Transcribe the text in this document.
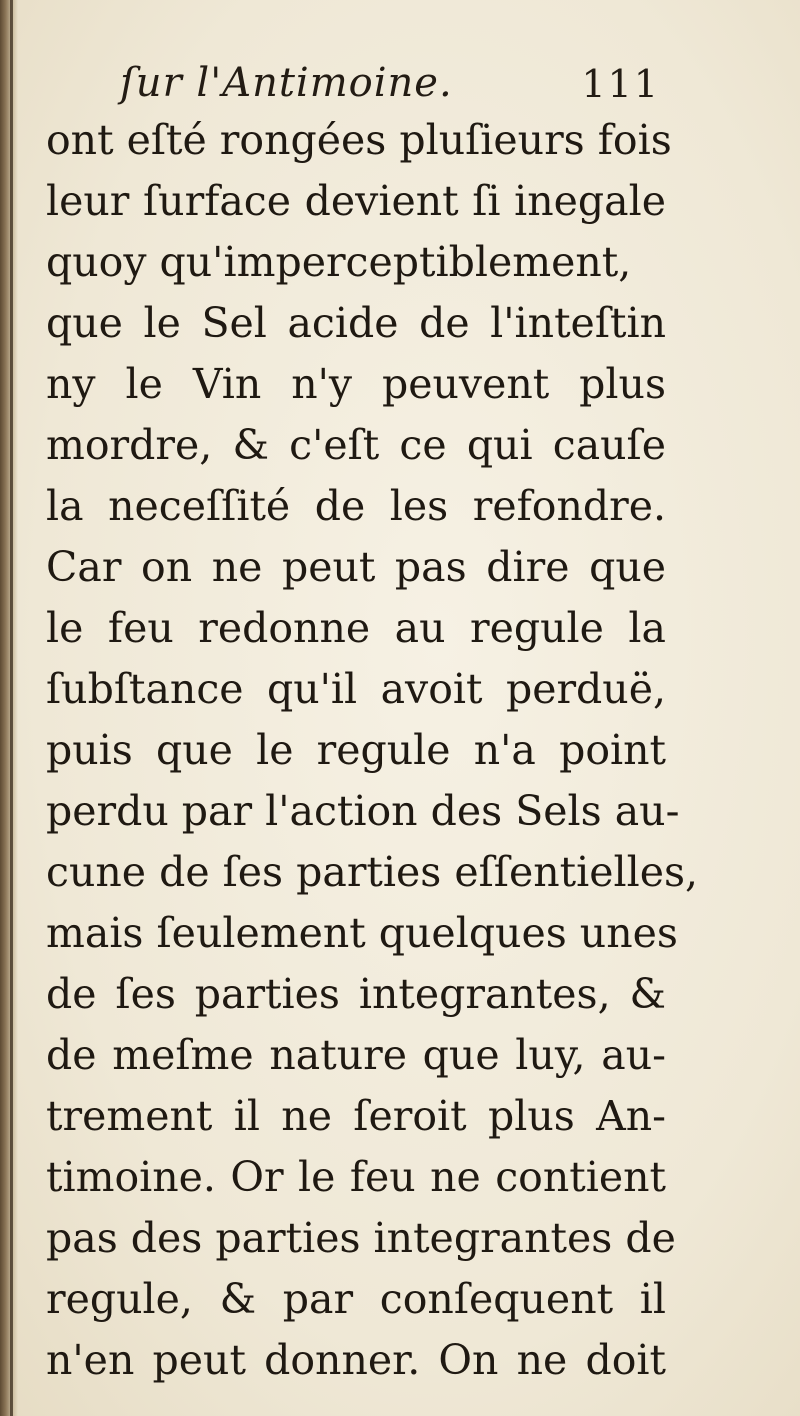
ſur l'Antimoine.	111
ont eſté rongées pluſieurs fois
leur ſurface devient ſi inegale
quoy qu'imperceptiblement,
que le Sel acide de l'inteſtin
ny le Vin n'y peuvent plus
mordre, & c'eſt ce qui cauſe
la neceſſité de les refondre.
Car on ne peut pas dire que
le feu redonne au regule la
ſubſtance qu'il avoit perduë,
puis que le regule n'a point
perdu par l'action des Sels au-
cune de ſes parties eſſentielles,
mais ſeulement quelques unes
de ſes parties integrantes, &
de meſme nature que luy, au-
trement il ne ſeroit plus An-
timoine. Or le feu ne contient
pas des parties integrantes de
regule, & par conſequent il
n'en peut donner. On ne doit
